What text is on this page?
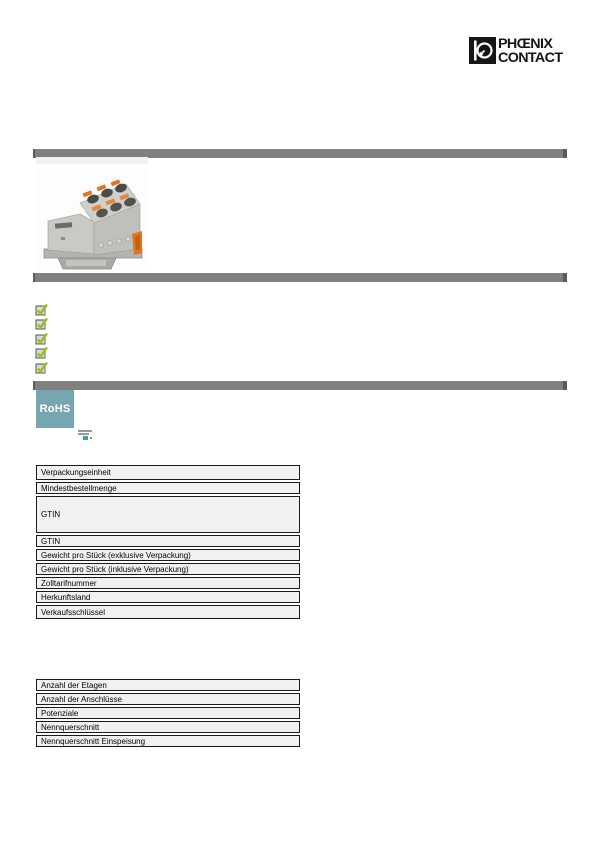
PHŒNIX
CONTACT
RoHS
Verpackungseinheit
Mindestbestellmenge
GTIN
GTIN
Gewicht pro Stück (exklusive Verpackung)
Gewicht pro Stück (inklusive Verpackung)
Zolltarifnummer
Herkunftsland
Verkaufsschlüssel
Anzahl der Etagen
Anzahl der Anschlüsse
Potenziale
Nennquerschnitt
Nennquerschnitt Einspeisung
